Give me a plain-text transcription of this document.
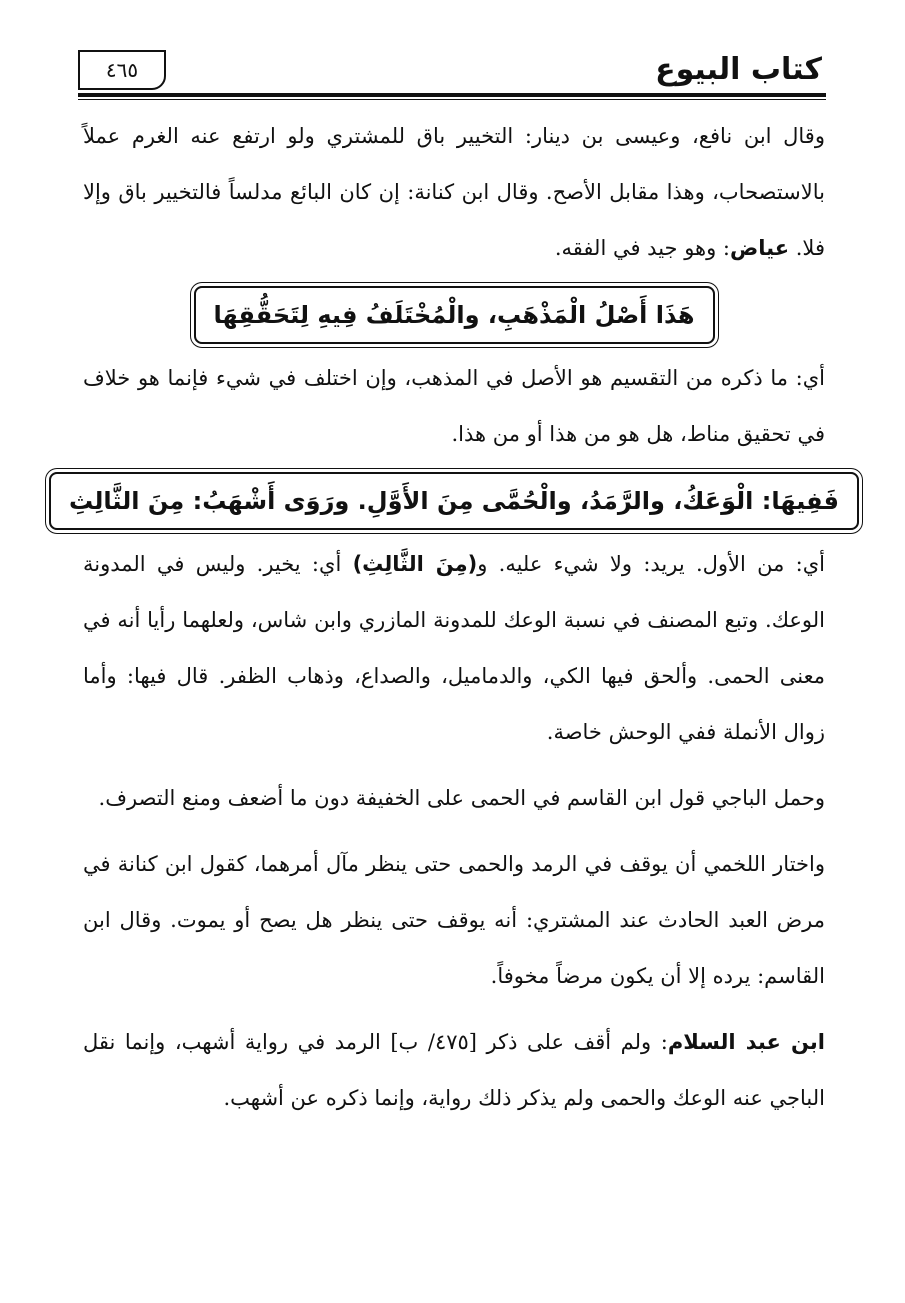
كتاب البيوع
٤٦٥

وقال ابن نافع، وعيسى بن دينار: التخيير باق للمشتري ولو ارتفع عنه الغرم عملاً بالاستصحاب، وهذا مقابل الأصح. وقال ابن كنانة: إن كان البائع مدلساً فالتخيير باق وإلا فلا. عياض: وهو جيد في الفقه.

هَذَا أَصْلُ الْمَذْهَبِ، والْمُخْتَلَفُ فِيهِ لِتَحَقُّقِهَا

أي: ما ذكره من التقسيم هو الأصل في المذهب، وإن اختلف في شيء فإنما هو خلاف في تحقيق مناط، هل هو من هذا أو من هذا.

فَفِيهَا: الْوَعَكُ، والرَّمَدُ، والْحُمَّى مِنَ الأَوَّلِ. ورَوَى أَشْهَبُ: مِنَ الثَّالِثِ

أي: من الأول. يريد: ولا شيء عليه. و(مِنَ الثَّالِثِ) أي: يخير. وليس في المدونة الوعك. وتبع المصنف في نسبة الوعك للمدونة المازري وابن شاس، ولعلهما رأيا أنه في معنى الحمى. وألحق فيها الكي، والدماميل، والصداع، وذهاب الظفر. قال فيها: وأما زوال الأنملة ففي الوحش خاصة.

وحمل الباجي قول ابن القاسم في الحمى على الخفيفة دون ما أضعف ومنع التصرف.

واختار اللخمي أن يوقف في الرمد والحمى حتى ينظر مآل أمرهما، كقول ابن كنانة في مرض العبد الحادث عند المشتري: أنه يوقف حتى ينظر هل يصح أو يموت. وقال ابن القاسم: يرده إلا أن يكون مرضاً مخوفاً.

ابن عبد السلام: ولم أقف على ذكر [٤٧٥/ ب] الرمد في رواية أشهب، وإنما نقل الباجي عنه الوعك والحمى ولم يذكر ذلك رواية، وإنما ذكره عن أشهب.
